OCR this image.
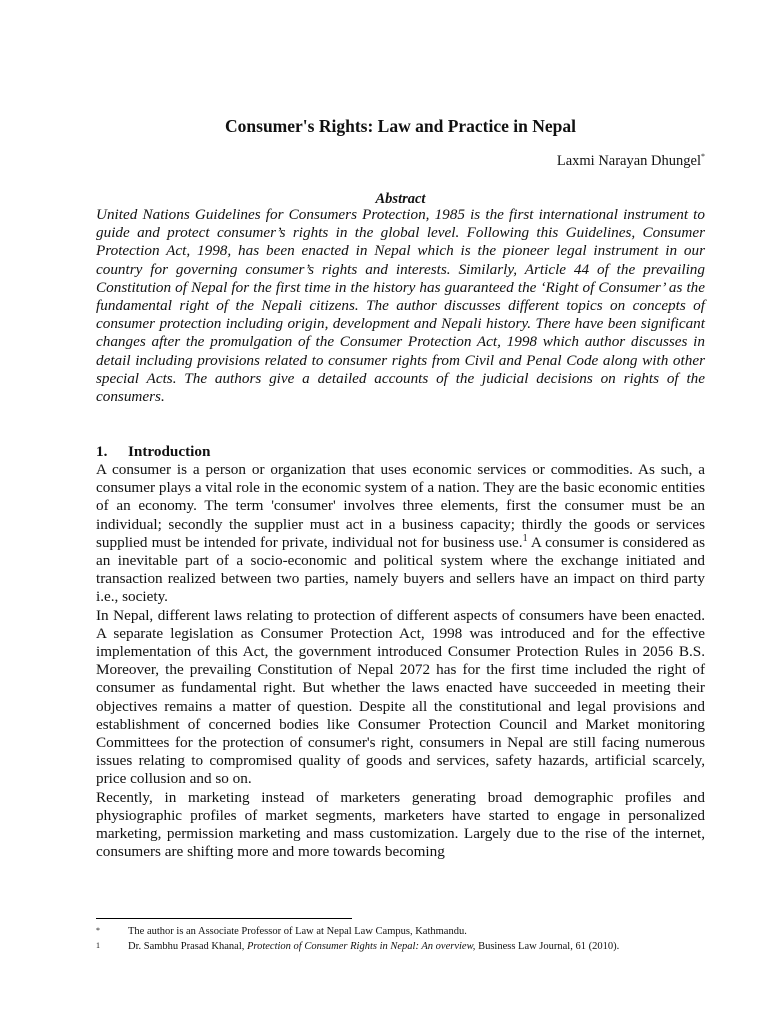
Consumer's Rights: Law and Practice in Nepal
Laxmi Narayan Dhungel*
Abstract
United Nations Guidelines for Consumers Protection, 1985 is the first international instrument to guide and protect consumer’s rights in the global level. Following this Guidelines, Consumer Protection Act, 1998, has been enacted in Nepal which is the pioneer legal instrument in our country for governing consumer’s rights and interests. Similarly, Article 44 of the prevailing Constitution of Nepal for the first time in the history has guaranteed the ‘Right of Consumer’ as the fundamental right of the Nepali citizens. The author discusses different topics on concepts of consumer protection including origin, development and Nepali history. There have been significant changes after the promulgation of the Consumer Protection Act, 1998 which author discusses in detail including provisions related to consumer rights from Civil and Penal Code along with other special Acts. The authors give a detailed accounts of the judicial decisions on rights of the consumers.
1. Introduction

A consumer is a person or organization that uses economic services or commodities. As such, a consumer plays a vital role in the economic system of a nation. They are the basic economic entities of an economy. The term 'consumer' involves three elements, first the consumer must be an individual; secondly the supplier must act in a business capacity; thirdly the goods or services supplied must be intended for private, individual not for business use.$^1$ A consumer is considered as an inevitable part of a socio-economic and political system where the exchange initiated and transaction realized between two parties, namely buyers and sellers have an impact on third party i.e., society.

In Nepal, different laws relating to protection of different aspects of consumers have been enacted. A separate legislation as Consumer Protection Act, 1998 was introduced and for the effective implementation of this Act, the government introduced Consumer Protection Rules in 2056 B.S. Moreover, the prevailing Constitution of Nepal 2072 has for the first time included the right of consumer as fundamental right. But whether the laws enacted have succeeded in meeting their objectives remains a matter of question. Despite all the constitutional and legal provisions and establishment of concerned bodies like Consumer Protection Council and Market monitoring Committees for the protection of consumer's right, consumers in Nepal are still facing numerous issues relating to compromised quality of goods and services, safety hazards, artificial scarcely, price collusion and so on.

Recently, in marketing instead of marketers generating broad demographic profiles and physiographic profiles of market segments, marketers have started to engage in personalized marketing, permission marketing and mass customization. Largely due to the rise of the internet, consumers are shifting more and more towards becoming

*	The author is an Associate Professor of Law at Nepal Law Campus, Kathmandu.
1	Dr. Sambhu Prasad Khanal, Protection of Consumer Rights in Nepal: An overview, Business Law Journal, 61 (2010).
